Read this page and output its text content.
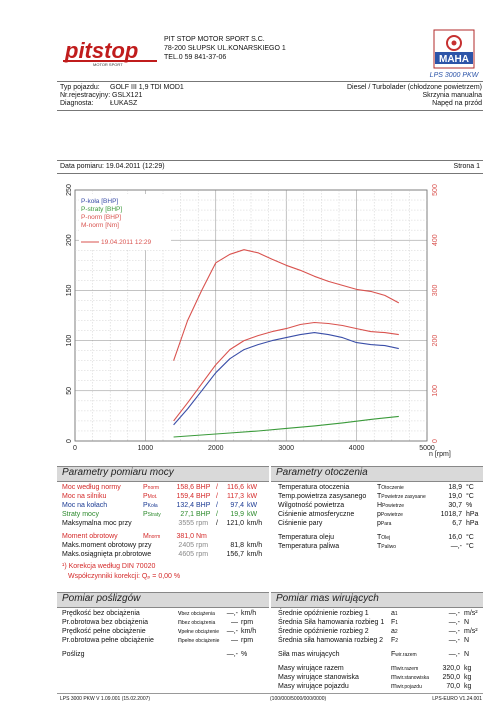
pitstop
MOTOR SPORT
PIT STOP MOTOR SPORT S.C.
78-200 SŁUPSK UL.KONARSKIEGO 1
TEL.0 59 841-37-06	MAHA
LPS 3000 PKW
Typ pojazdu: GOLF III 1,9 TDI MOD1
Nr.rejestracyjny: GSLX121
Diagnosta: ŁUKASZ
Diesel / Turbolader (chłodzone powietrzem)
Skrzynia manualna
Napęd na przód
Data pomiaru: 19.04.2011 (12:29)	Strona 1
0	1000	2000	3000	4000	5000
n [rpm]
0
50
100
150
200
250
0
100
200
300
400
500
P-koła [BHP]
P-straty [BHP]
P-norm [BHP]
M-norm [Nm]
19.04.2011 12:29
Parametry pomiaru mocy	Parametry otoczenia
Moc według normy	Pnorm 158,6 BHP / 116,6 kW
Moc na silniku	PMot.	159,4 BHP / 117,3 kW
Moc na kołach	PKoła	132,4 BHP / 97,4 kW
Straty mocy	PStraty	27,1 BHP / 19,9 kW
Maksymalna moc przy	3555 rpm / 121,0 km/h
Moment obrotowy	Mnorm 381,0 Nm
Maks.moment obrotowy przy	2405 rpm	81,8 km/h
Maks.osiągnięta pr.obrotowe	4605 rpm	156,7 km/h
¹) Korekcja według DIN 70020
Współczynniki korekcji: Qₚ = 0,00 %
Temperatura otoczenia	TOtoczenie	18,9 °C
Temp.powietrza zasysanego TPowietrze zasysane	19,0 °C
Wilgotność powietrza	HPowietrze	30,7 %
Ciśnienie atmosferyczne	pPowietrze	1018,7 hPa
Ciśnienie pary	pPara	6,7 hPa
Temperatura oleju	TOlej	16,0 °C
Temperatura paliwa	TPaliwo	—,- °C
Pomiar poślizgów	Pomiar mas wirujących
Prędkość bez obciążenia	vbez obciążenia —,- km/h
Pr.obrotowa bez obciążenia	nbez obciążenia — rpm
Prędkość pełne obciążenie	vpełne obciążenie —,- km/h
Pr.obrotowa pełne obciążenie	npełne obciążenie — rpm
Poślizg	—,- %
Średnie opóźnienie rozbieg 1	a1	—,- m/s²
Średnia Siła hamowania rozbieg 1 F1	—,- N
Średnie opóźnienie rozbieg 2	a2	—,- m/s²
Średnia siła hamowania rozbieg 2 F2	—,- N
Siła mas wirujących	Fwir.razem	—,- N
Masy wirujące razem	mwir.razem	320,0 kg
Masy wirujące stanowiska	mwir.stanowiska 250,0 kg
Masy wirujące pojazdu	mwir.pojazdu	70,0 kg
LPS 3000 PKW V 1.09.001 (15.02.2007)	(100/000/5000/000/0000)	LPS-EURO V1.24.001
